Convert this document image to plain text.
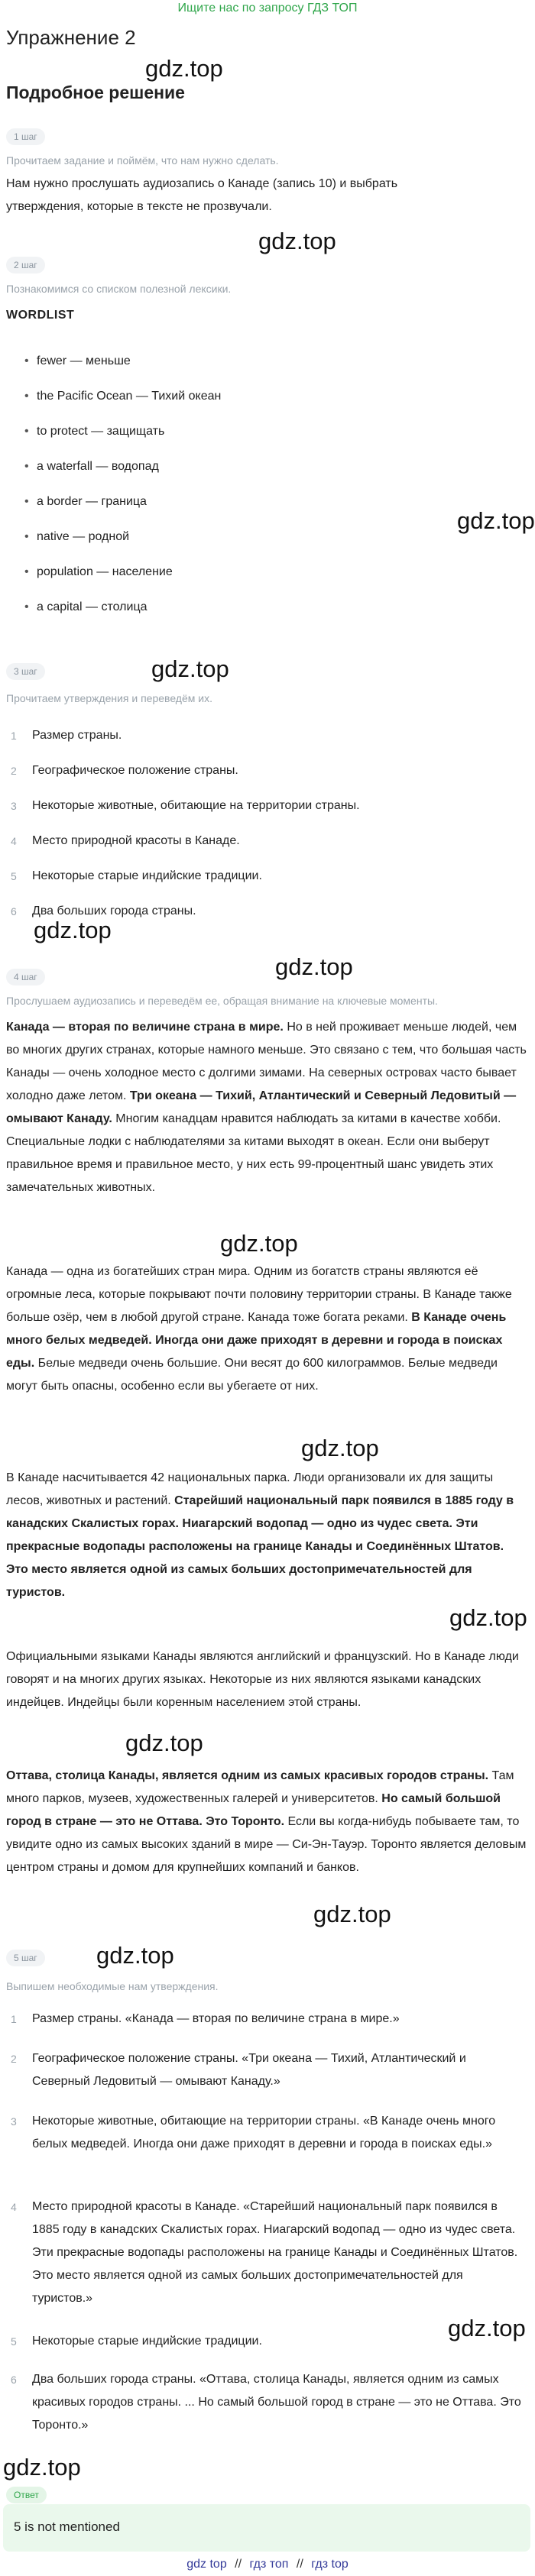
Ищите нас по запросу ГДЗ ТОП
Упражнение 2
gdz.top
Подробное решение
1 шаг
Прочитаем задание и поймём, что нам нужно сделать.
Нам нужно прослушать аудиозапись о Канаде (запись 10) и выбрать
утверждения, которые в тексте не прозвучали.
gdz.top
2 шаг
Познакомимся со списком полезной лексики.
WORDLIST
• fewer — меньше
• the Pacific Ocean — Тихий океан
• to protect — защищать
• a waterfall — водопад
• a border — граница
• native — родной
• population — население
• a capital — столица
gdz.top
3 шаг	gdz.top
Прочитаем утверждения и переведём их.
1	Размер страны.
2	Географическое положение страны.
3	Некоторые животные, обитающие на территории страны.
4	Место природной красоты в Канаде.
5	Некоторые старые индийские традиции.
6	Два больших города страны.
gdz.top
gdz.top
4 шаг
Прослушаем аудиозапись и переведём ее, обращая внимание на ключевые моменты.
Канада — вторая по величине страна в мире. Но в ней проживает меньше людей, чем во многих других странах, которые намного меньше. Это связано с тем, что большая часть Канады — очень холодное место с долгими зимами. На северных островах часто бывает холодно даже летом. Три океана — Тихий, Атлантический и Северный Ледовитый — омывают Канаду. Многим канадцам нравится наблюдать за китами в качестве хобби. Специальные лодки с наблюдателями за китами выходят в океан. Если они выберут правильное время и правильное место, у них есть 99-процентный шанс увидеть этих замечательных животных.
gdz.top
Канада — одна из богатейших стран мира. Одним из богатств страны являются её огромные леса, которые покрывают почти половину территории страны. В Канаде также больше озёр, чем в любой другой стране. Канада тоже богата реками. В Канаде очень много белых медведей. Иногда они даже приходят в деревни и города в поисках еды. Белые медведи очень большие. Они весят до 600 килограммов. Белые медведи могут быть опасны, особенно если вы убегаете от них.
gdz.top
В Канаде насчитывается 42 национальных парка. Люди организовали их для защиты лесов, животных и растений. Старейший национальный парк появился в 1885 году в канадских Скалистых горах. Ниагарский водопад — одно из чудес света. Эти прекрасные водопады расположены на границе Канады и Соединённых Штатов. Это место является одной из самых больших достопримечательностей для туристов.
gdz.top
Официальными языками Канады являются английский и французский. Но в Канаде люди говорят и на многих других языках. Некоторые из них являются языками канадских индейцев. Индейцы были коренным населением этой страны.
gdz.top
Оттава, столица Канады, является одним из самых красивых городов страны. Там много парков, музеев, художественных галерей и университетов. Но самый большой город в стране — это не Оттава. Это Торонто. Если вы когда-нибудь побываете там, то увидите одно из самых высоких зданий в мире — Си-Эн-Тауэр. Торонто является деловым центром страны и домом для крупнейших компаний и банков.
gdz.top
gdz.top
5 шаг
Выпишем необходимые нам утверждения.
1	Размер страны. «Канада — вторая по величине страна в мире.»
2	Географическое положение страны. «Три океана — Тихий, Атлантический и Северный Ледовитый — омывают Канаду.»
3	Некоторые животные, обитающие на территории страны. «В Канаде очень много белых медведей. Иногда они даже приходят в деревни и города в поисках еды.»
4	Место природной красоты в Канаде. «Старейший национальный парк появился в 1885 году в канадских Скалистых горах. Ниагарский водопад — одно из чудес света. Эти прекрасные водопады расположены на границе Канады и Соединённых Штатов. Это место является одной из самых больших достопримечательностей для туристов.»
gdz.top
5	Некоторые старые индийские традиции.
6	Два больших города страны. «Оттава, столица Канады, является одним из самых красивых городов страны. ... Но самый большой город в стране — это не Оттава. Это Торонто.»
gdz.top
Ответ
5 is not mentioned
gdz top // гдз топ // гдз top
